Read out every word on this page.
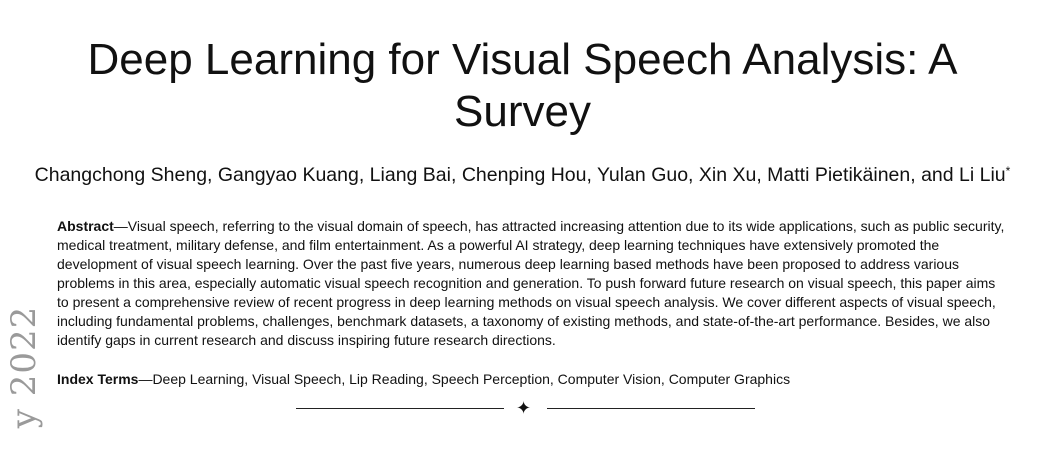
Deep Learning for Visual Speech Analysis: A
Survey
Changchong Sheng, Gangyao Kuang, Liang Bai, Chenping Hou, Yulan Guo, Xin Xu, Matti Pietikäinen, and Li Liu*
Abstract—Visual speech, referring to the visual domain of speech, has attracted increasing attention due to its wide applications, such as public security, medical treatment, military defense, and film entertainment. As a powerful AI strategy, deep learning techniques have extensively promoted the development of visual speech learning. Over the past five years, numerous deep learning based methods have been proposed to address various problems in this area, especially automatic visual speech recognition and generation. To push forward future research on visual speech, this paper aims to present a comprehensive review of recent progress in deep learning methods on visual speech analysis. We cover different aspects of visual speech, including fundamental problems, challenges, benchmark datasets, a taxonomy of existing methods, and state-of-the-art performance. Besides, we also identify gaps in current research and discuss inspiring future research directions.
Index Terms—Deep Learning, Visual Speech, Lip Reading, Speech Perception, Computer Vision, Computer Graphics
✦
y 2022
